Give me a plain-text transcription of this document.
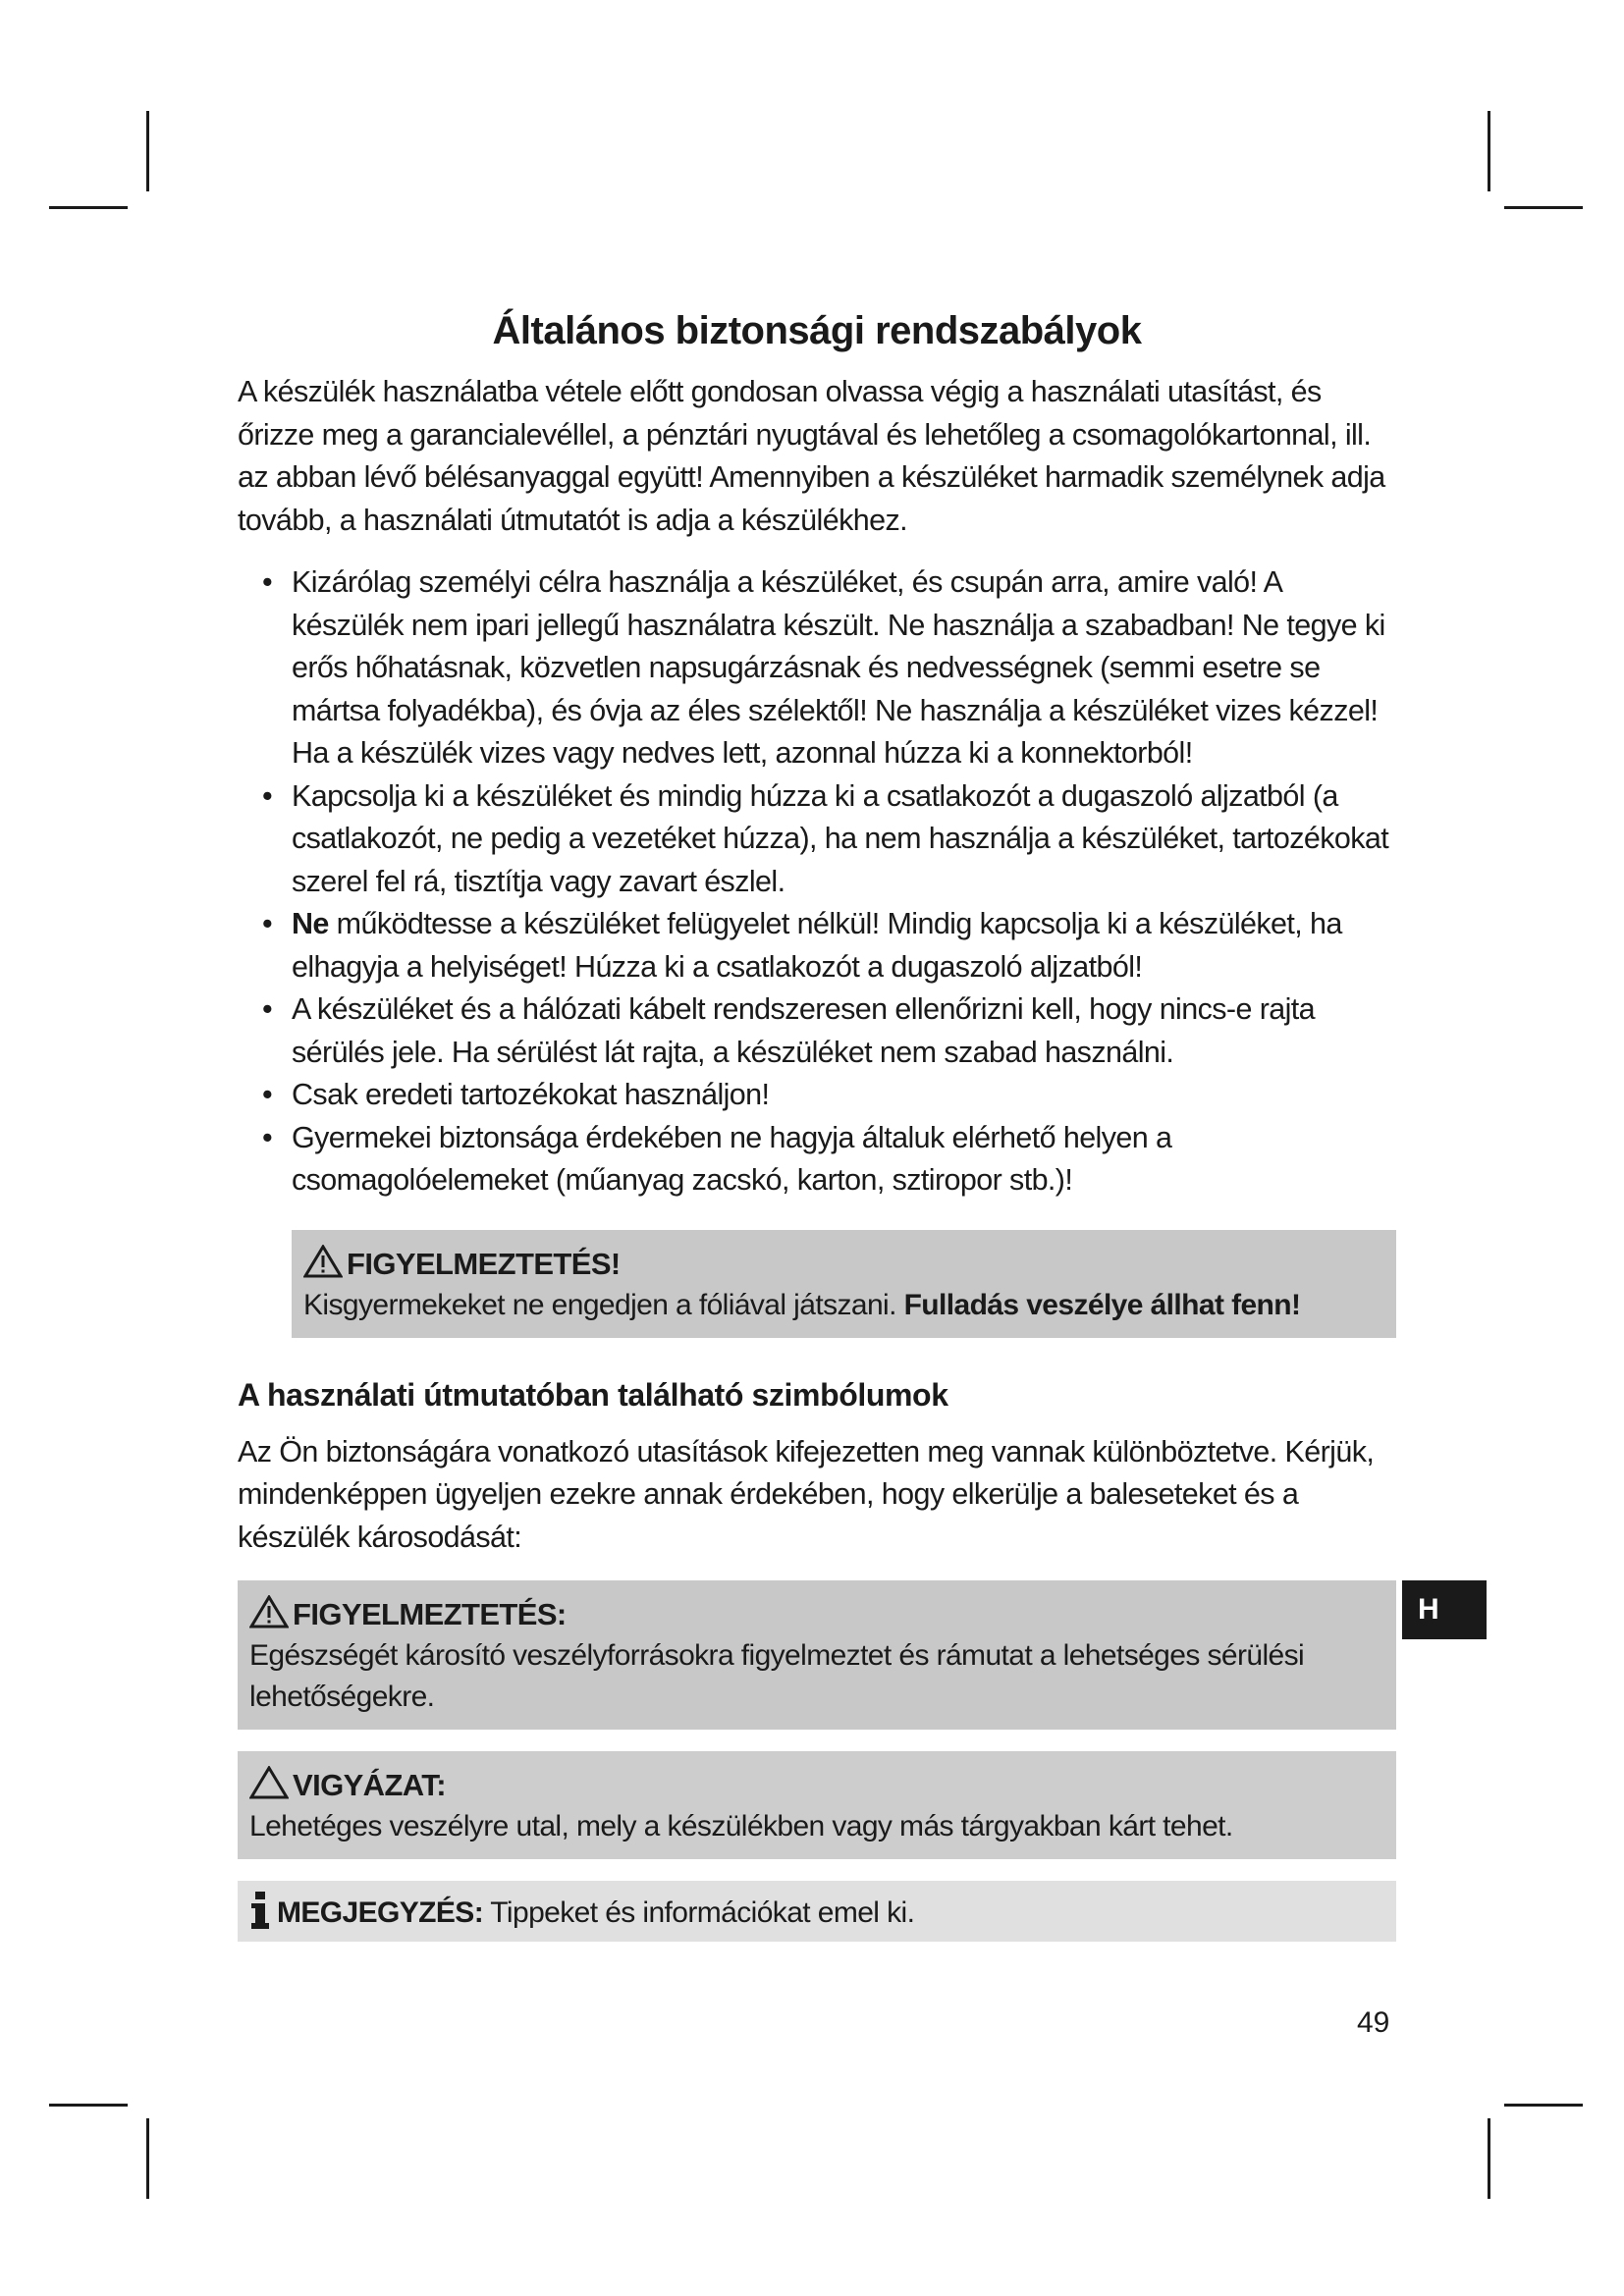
Általános biztonsági rendszabályok

A készülék használatba vétele előtt gondosan olvassa végig a használati utasítást, és őrizze meg a garancialevéllel, a pénztári nyugtával és lehetőleg a csomagolókartonnal, ill. az abban lévő bélésanyaggal együtt! Amennyiben a készüléket harmadik személynek adja tovább, a használati útmutatót is adja a készülékhez.

• Kizárólag személyi célra használja a készüléket, és csupán arra, amire való! A készülék nem ipari jellegű használatra készült. Ne használja a szabadban! Ne tegye ki erős hőhatásnak, közvetlen napsugárzásnak és nedvességnek (semmi esetre se mártsa folyadékba), és óvja az éles szélektől! Ne használja a készüléket vizes kézzel! Ha a készülék vizes vagy nedves lett, azonnal húzza ki a konnektorból!
• Kapcsolja ki a készüléket és mindig húzza ki a csatlakozót a dugaszoló aljzatból (a csatlakozót, ne pedig a vezetéket húzza), ha nem használja a készüléket, tartozékokat szerel fel rá, tisztítja vagy zavart észlel.
• Ne működtesse a készüléket felügyelet nélkül! Mindig kapcsolja ki a készüléket, ha elhagyja a helyiséget! Húzza ki a csatlakozót a dugaszoló aljzatból!
• A készüléket és a hálózati kábelt rendszeresen ellenőrizni kell, hogy nincs-e rajta sérülés jele. Ha sérülést lát rajta, a készüléket nem szabad használni.
• Csak eredeti tartozékokat használjon!
• Gyermekei biztonsága érdekében ne hagyja általuk elérhető helyen a csomagolóelemeket (műanyag zacskó, karton, sztiropor stb.)!
FIGYELMEZTETÉS!
Kisgyermekeket ne engedjen a fóliával játszani. Fulladás veszélye állhat fenn!
A használati útmutatóban található szimbólumok

Az Ön biztonságára vonatkozó utasítások kifejezetten meg vannak különböztetve. Kérjük, mindenképpen ügyeljen ezekre annak érdekében, hogy elkerülje a baleseteket és a készülék károsodását:

FIGYELMEZTETÉS:
Egészségét károsító veszélyforrásokra figyelmeztet és rámutat a lehetséges sérülési lehetőségekre.
VIGYÁZAT:
Lehetéges veszélyre utal, mely a készülékben vagy más tárgyakban kárt tehet.
MEGJEGYZÉS: Tippeket és információkat emel ki.
H
49
